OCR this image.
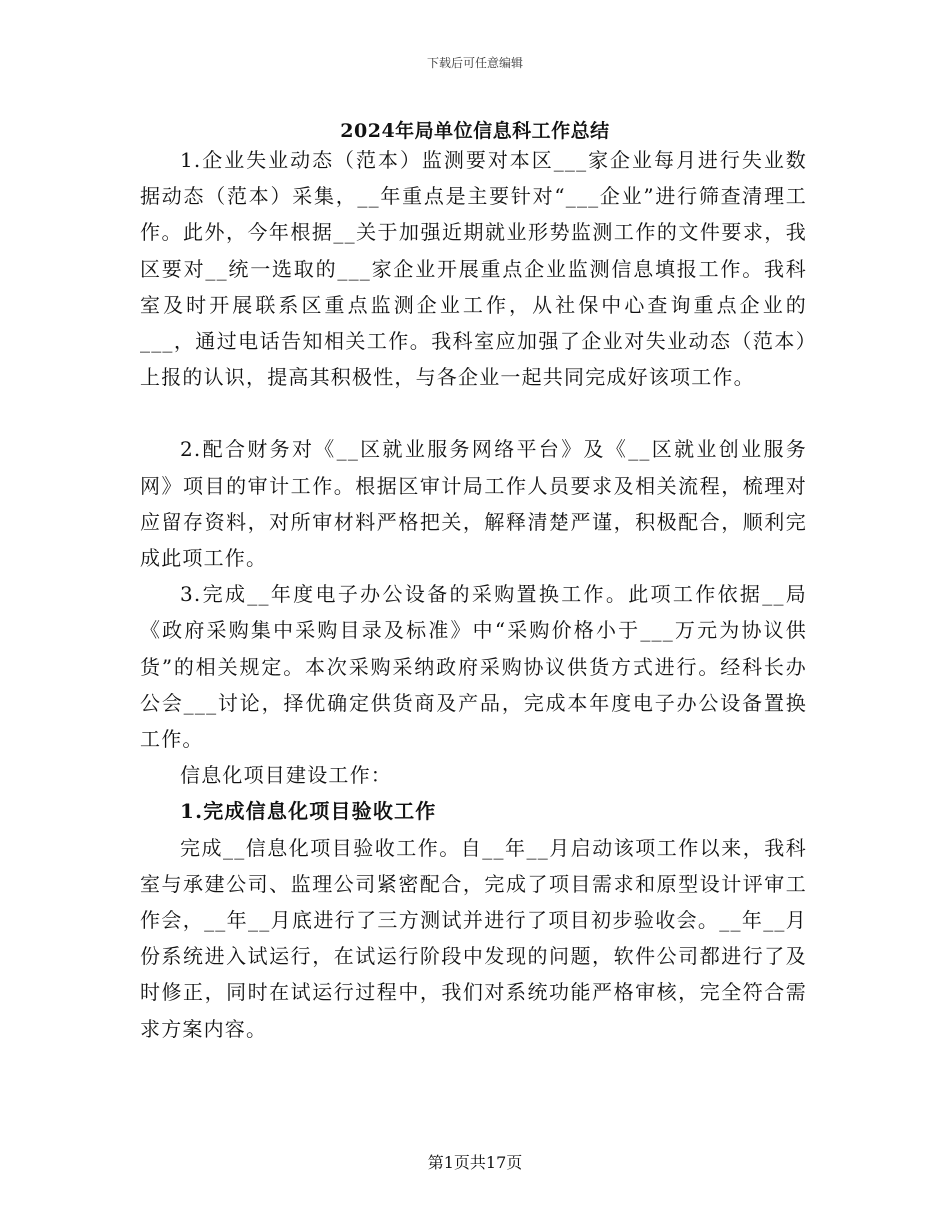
下载后可任意编辑
2024年局单位信息科工作总结

1.企业失业动态（范本）监测要对本区___家企业每月进行失业数据动态（范本）采集，__年重点是主要针对“___企业”进行筛查清理工作。此外，今年根据__关于加强近期就业形势监测工作的文件要求，我区要对__统一选取的___家企业开展重点企业监测信息填报工作。我科室及时开展联系区重点监测企业工作，从社保中心查询重点企业的___，通过电话告知相关工作。我科室应加强了企业对失业动态（范本）上报的认识，提高其积极性，与各企业一起共同完成好该项工作。

2.配合财务对《__区就业服务网络平台》及《__区就业创业服务网》项目的审计工作。根据区审计局工作人员要求及相关流程，梳理对应留存资料，对所审材料严格把关，解释清楚严谨，积极配合，顺利完成此项工作。

3.完成__年度电子办公设备的采购置换工作。此项工作依据__局《政府采购集中采购目录及标准》中“采购价格小于___万元为协议供货”的相关规定。本次采购采纳政府采购协议供货方式进行。经科长办公会___讨论，择优确定供货商及产品，完成本年度电子办公设备置换工作。

信息化项目建设工作：

1.完成信息化项目验收工作

完成__信息化项目验收工作。自__年__月启动该项工作以来，我科室与承建公司、监理公司紧密配合，完成了项目需求和原型设计评审工作会，__年__月底进行了三方测试并进行了项目初步验收会。__年__月份系统进入试运行，在试运行阶段中发现的问题，软件公司都进行了及时修正，同时在试运行过程中，我们对系统功能严格审核，完全符合需求方案内容。

第1页共17页
